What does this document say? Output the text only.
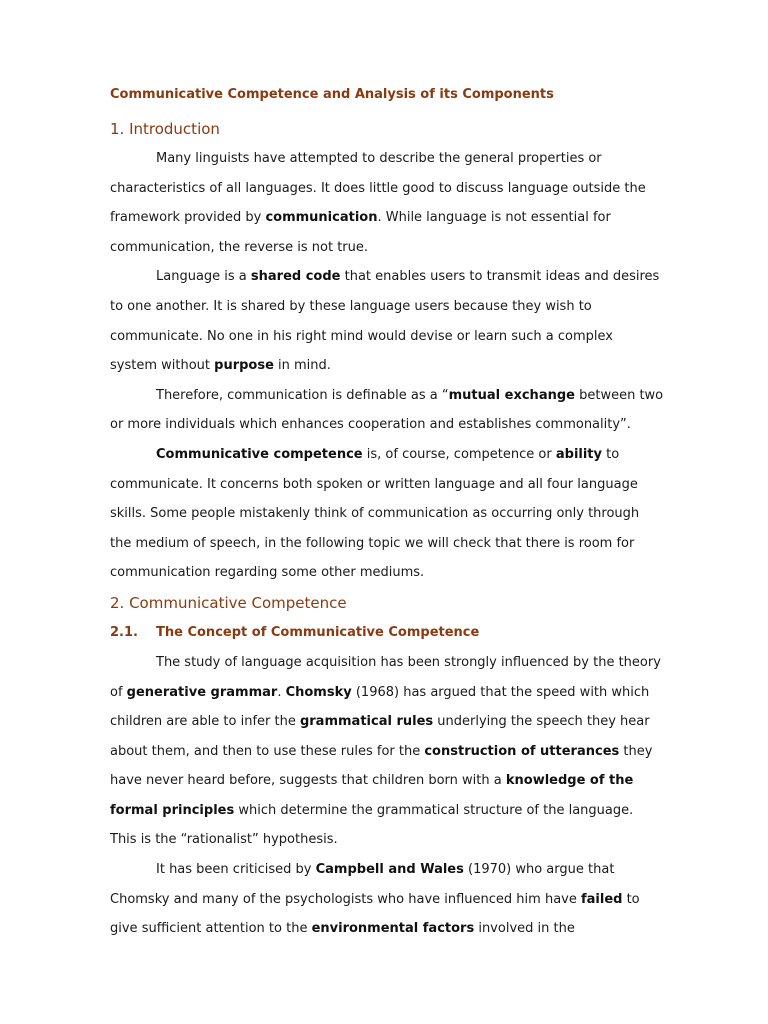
Communicative Competence and Analysis of its Components
1. Introduction
Many linguists have attempted to describe the general properties or
characteristics of all languages. It does little good to discuss language outside the
framework provided by communication. While language is not essential for
communication, the reverse is not true.
Language is a shared code that enables users to transmit ideas and desires
to one another. It is shared by these language users because they wish to
communicate. No one in his right mind would devise or learn such a complex
system without purpose in mind.
Therefore, communication is definable as a “mutual exchange between two
or more individuals which enhances cooperation and establishes commonality”.
Communicative competence is, of course, competence or ability to
communicate. It concerns both spoken or written language and all four language
skills. Some people mistakenly think of communication as occurring only through
the medium of speech, in the following topic we will check that there is room for
communication regarding some other mediums.
2. Communicative Competence
2.1. The Concept of Communicative Competence
The study of language acquisition has been strongly influenced by the theory
of generative grammar. Chomsky (1968) has argued that the speed with which
children are able to infer the grammatical rules underlying the speech they hear
about them, and then to use these rules for the construction of utterances they
have never heard before, suggests that children born with a knowledge of the
formal principles which determine the grammatical structure of the language.
This is the “rationalist” hypothesis.
It has been criticised by Campbell and Wales (1970) who argue that
Chomsky and many of the psychologists who have influenced him have failed to
give sufficient attention to the environmental factors involved in the
